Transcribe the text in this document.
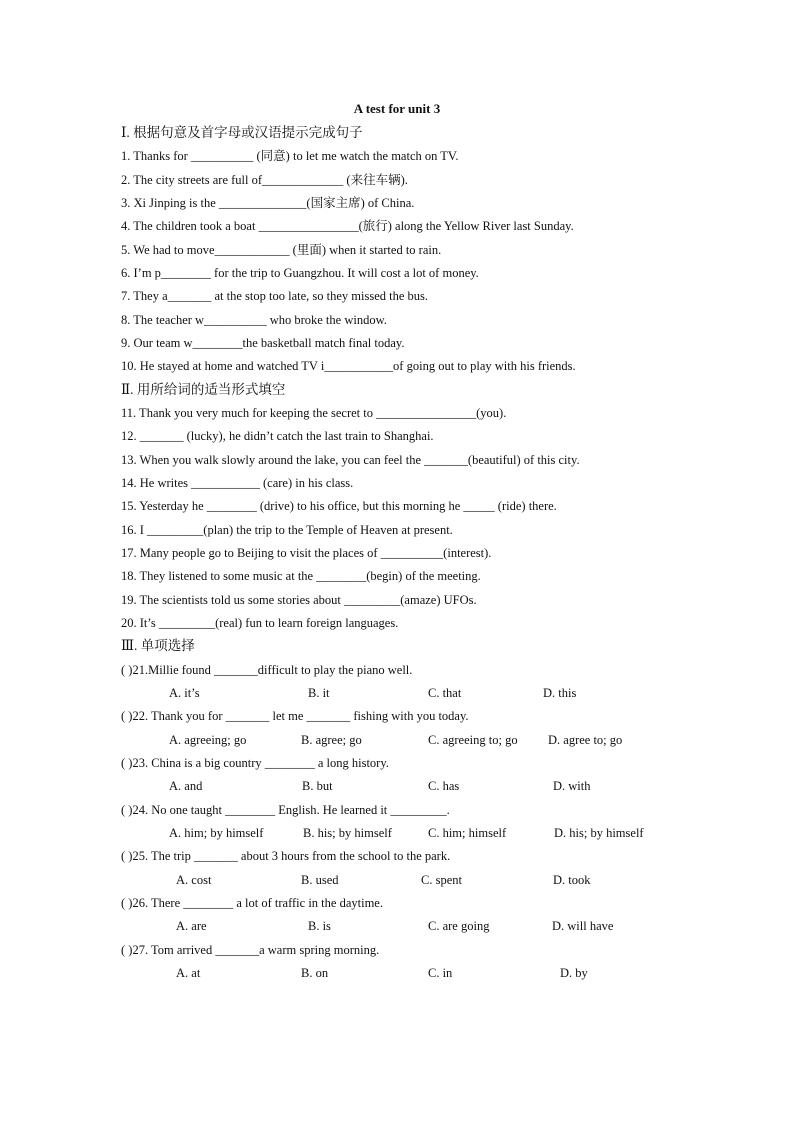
A test for unit 3
Ⅰ. 根据句意及首字母或汉语提示完成句子
1. Thanks for __________ (同意) to let me watch the match on TV.
2. The city streets are full of_____________ (来往车辆).
3. Xi Jinping is the ______________(国家主席) of China.
4. The children took a boat ________________(旅行) along the Yellow River last Sunday.
5. We had to move____________ (里面) when it started to rain.
6. I’m p________ for the trip to Guangzhou. It will cost a lot of money.
7. They a_______ at the stop too late, so they missed the bus.
8. The teacher w__________ who broke the window.
9. Our team w________the basketball match final today.
10. He stayed at home and watched TV i___________of going out to play with his friends.
Ⅱ. 用所给词的适当形式填空
11. Thank you very much for keeping the secret to ________________(you).
12. _______ (lucky), he didn’t catch the last train to Shanghai.
13. When you walk slowly around the lake, you can feel the _______(beautiful) of this city.
14. He writes ___________ (care) in his class.
15. Yesterday he ________ (drive) to his office, but this morning he _____ (ride) there.
16. I _________(plan) the trip to the Temple of Heaven at present.
17. Many people go to Beijing to visit the places of __________(interest).
18. They listened to some music at the ________(begin) of the meeting.
19. The scientists told us some stories about _________(amaze) UFOs.
20. It’s _________(real) fun to learn foreign languages.
Ⅲ. 单项选择
( )21.Millie found _______difficult to play the piano well.
A. it’s	B. it	C. that	D. this
( )22. Thank you for _______ let me _______ fishing with you today.
A. agreeing; go	B. agree; go	C. agreeing to; go D. agree to; go
( )23. China is a big country ________ a long history.
A. and	B. but	C. has	D. with
( )24. No one taught ________ English. He learned it _________.
A. him; by himself	B. his; by himself	C. him; himself	D. his; by himself
( )25. The trip _______ about 3 hours from the school to the park.
A. cost	B. used	C. spent	D. took
( )26. There ________ a lot of traffic in the daytime.
A. are	B. is	C. are going	D. will have
( )27. Tom arrived _______a warm spring morning.
A. at	B. on	C. in	D. by
